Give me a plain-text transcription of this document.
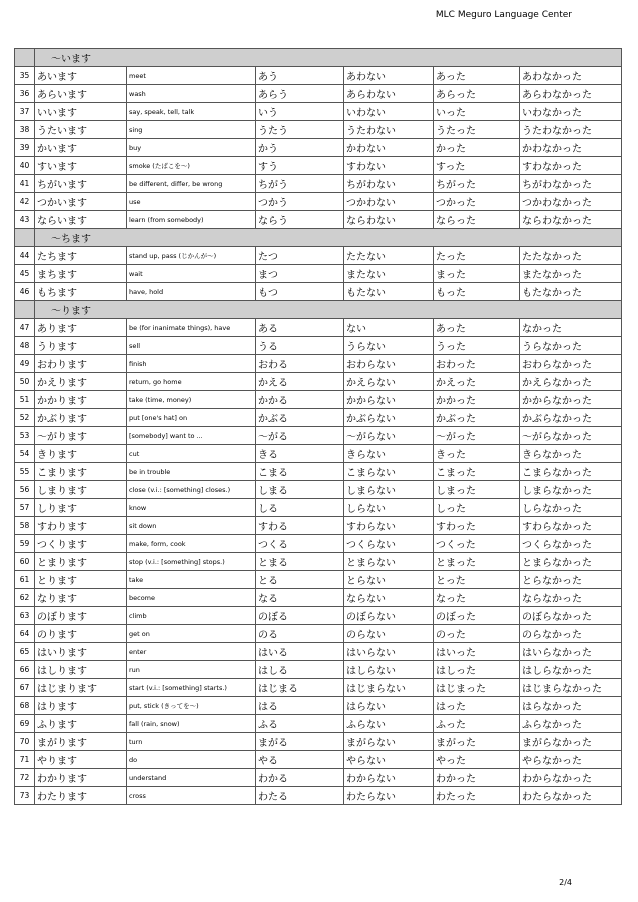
MLC Meguro Language Center
	～います					
35	あいます	meet	あう	あわない	あった	あわなかった
36	あらいます	wash	あらう	あらわない	あらった	あらわなかった
37	いいます	say, speak, tell, talk	いう	いわない	いった	いわなかった
38	うたいます	sing	うたう	うたわない	うたった	うたわなかった
39	かいます	buy	かう	かわない	かった	かわなかった
40	すいます	smoke (たばこを～)	すう	すわない	すった	すわなかった
41	ちがいます	be different, differ, be wrong	ちがう	ちがわない	ちがった	ちがわなかった
42	つかいます	use	つかう	つかわない	つかった	つかわなかった
43	ならいます	learn (from somebody)	ならう	ならわない	ならった	ならわなかった
	～ちます					
44	たちます	stand up, pass (じかんが～)	たつ	たたない	たった	たたなかった
45	まちます	wait	まつ	またない	まった	またなかった
46	もちます	have, hold	もつ	もたない	もった	もたなかった
	～ります					
47	あります	be (for inanimate things), have	ある	ない	あった	なかった
48	うります	sell	うる	うらない	うった	うらなかった
49	おわります	finish	おわる	おわらない	おわった	おわらなかった
50	かえります	return, go home	かえる	かえらない	かえった	かえらなかった
51	かかります	take (time, money)	かかる	かからない	かかった	かからなかった
52	かぶります	put [one's hat] on	かぶる	かぶらない	かぶった	かぶらなかった
53	～がります	[somebody] want to ...	～がる	～がらない	～がった	～がらなかった
54	きります	cut	きる	きらない	きった	きらなかった
55	こまります	be in trouble	こまる	こまらない	こまった	こまらなかった
56	しまります	close (v.i.: [something] closes.)	しまる	しまらない	しまった	しまらなかった
57	しります	know	しる	しらない	しった	しらなかった
58	すわります	sit down	すわる	すわらない	すわった	すわらなかった
59	つくります	make, form, cook	つくる	つくらない	つくった	つくらなかった
60	とまります	stop (v.i.: [something] stops.)	とまる	とまらない	とまった	とまらなかった
61	とります	take	とる	とらない	とった	とらなかった
62	なります	become	なる	ならない	なった	ならなかった
63	のぼります	climb	のぼる	のぼらない	のぼった	のぼらなかった
64	のります	get on	のる	のらない	のった	のらなかった
65	はいります	enter	はいる	はいらない	はいった	はいらなかった
66	はしります	run	はしる	はしらない	はしった	はしらなかった
67	はじまります	start (v.i.: [something] starts.)	はじまる	はじまらない	はじまった	はじまらなかった
68	はります	put, stick (きってを～)	はる	はらない	はった	はらなかった
69	ふります	fall (rain, snow)	ふる	ふらない	ふった	ふらなかった
70	まがります	turn	まがる	まがらない	まがった	まがらなかった
71	やります	do	やる	やらない	やった	やらなかった
72	わかります	understand	わかる	わからない	わかった	わからなかった
73	わたります	cross	わたる	わたらない	わたった	わたらなかった
2/4
